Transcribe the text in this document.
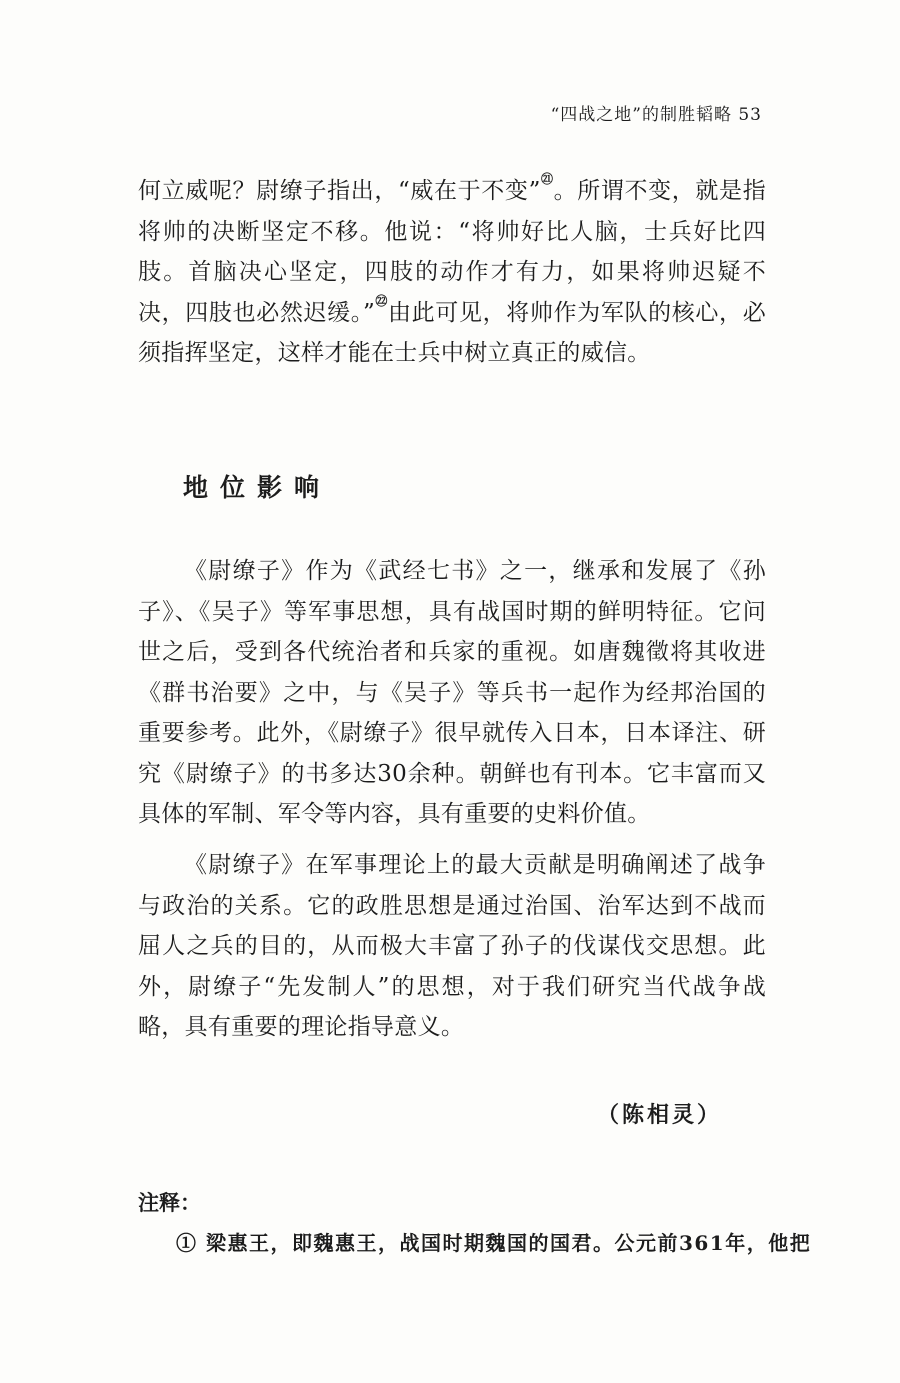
“四战之地”的制胜韬略 53

何立威呢？尉缭子指出，“威在于不变”$^㉑$。所谓不变，就是指将帅的决断坚定不移。他说：“将帅好比人脑，士兵好比四肢。首脑决心坚定，四肢的动作才有力，如果将帅迟疑不决，四肢也必然迟缓。”$^㉒$由此可见，将帅作为军队的核心，必须指挥坚定，这样才能在士兵中树立真正的威信。

地位影响

《尉缭子》作为《武经七书》之一，继承和发展了《孙子》、《吴子》等军事思想，具有战国时期的鲜明特征。它问世之后，受到各代统治者和兵家的重视。如唐魏徵将其收进《群书治要》之中，与《吴子》等兵书一起作为经邦治国的重要参考。此外，《尉缭子》很早就传入日本，日本译注、研究《尉缭子》的书多达30余种。朝鲜也有刊本。它丰富而又具体的军制、军令等内容，具有重要的史料价值。

《尉缭子》在军事理论上的最大贡献是明确阐述了战争与政治的关系。它的政胜思想是通过治国、治军达到不战而屈人之兵的目的，从而极大丰富了孙子的伐谋伐交思想。此外，尉缭子“先发制人”的思想，对于我们研究当代战争战略，具有重要的理论指导意义。

（陈相灵）
注释：
① 梁惠王，即魏惠王，战国时期魏国的国君。公元前361年，他把
